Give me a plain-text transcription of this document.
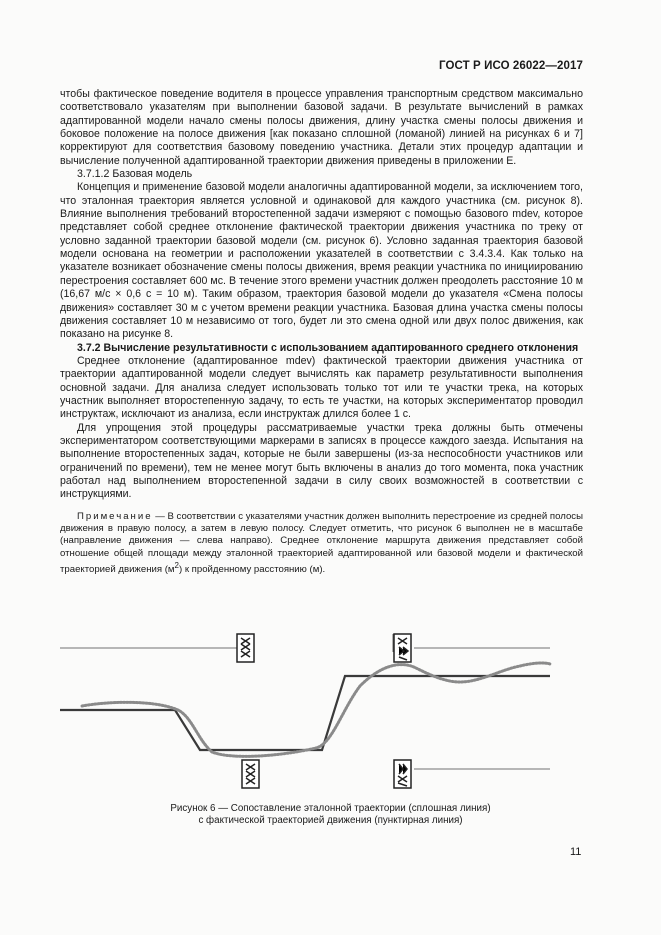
ГОСТ Р ИСО 26022—2017

чтобы фактическое поведение водителя в процессе управления транспортным средством максимально соответствовало указателям при выполнении базовой задачи. В результате вычислений в рамках адаптированной модели начало смены полосы движения, длину участка смены полосы движения и боковое положение на полосе движения [как показано сплошной (ломаной) линией на рисунках 6 и 7] корректируют для соответствия базовому поведению участника. Детали этих процедур адаптации и вычисление полученной адаптированной траектории движения приведены в приложении Е.

3.7.1.2 Базовая модель

Концепция и применение базовой модели аналогичны адаптированной модели, за исключением того, что эталонная траектория является условной и одинаковой для каждого участника (см. рисунок 8). Влияние выполнения требований второстепенной задачи измеряют с помощью базового mdev, которое представляет собой среднее отклонение фактической траектории движения участника по треку от условно заданной траектории базовой модели (см. рисунок 6). Условно заданная траектория базовой модели основана на геометрии и расположении указателей в соответствии с 3.4.3.4. Как только на указателе возникает обозначение смены полосы движения, время реакции участника по инициированию перестроения составляет 600 мс. В течение этого времени участник должен преодолеть расстояние 10 м (16,67 м/с × 0,6 с = 10 м). Таким образом, траектория базовой модели до указателя «Смена полосы движения» составляет 30 м с учетом времени реакции участника. Базовая длина участка смены полосы движения составляет 10 м независимо от того, будет ли это смена одной или двух полос движения, как показано на рисунке 8.

3.7.2 Вычисление результативности с использованием адаптированного среднего отклонения

Среднее отклонение (адаптированное mdev) фактической траектории движения участника от траектории адаптированной модели следует вычислять как параметр результативности выполнения основной задачи. Для анализа следует использовать только тот или те участки трека, на которых участник выполняет второстепенную задачу, то есть те участки, на которых экспериментатор проводил инструктаж, исключают из анализа, если инструктаж длился более 1 с.

Для упрощения этой процедуры рассматриваемые участки трека должны быть отмечены экспериментатором соответствующими маркерами в записях в процессе каждого заезда. Испытания на выполнение второстепенных задач, которые не были завершены (из-за неспособности участников или ограничений по времени), тем не менее могут быть включены в анализ до того момента, пока участник работал над выполнением второстепенной задачи в силу своих возможностей в соответствии с инструкциями.

Примечание — В соответствии с указателями участник должен выполнить перестроение из средней полосы движения в правую полосу, а затем в левую полосу. Следует отметить, что рисунок 6 выполнен не в масштабе (направление движения — слева направо). Среднее отклонение маршрута движения представляет собой отношение общей площади между эталонной траекторией адаптированной или базовой модели и фактической траекторией движения $(м^2)$ к пройденному расстоянию (м).

Рисунок 6 — Сопоставление эталонной траектории (сплошная линия)
с фактической траекторией движения (пунктирная линия)
11
